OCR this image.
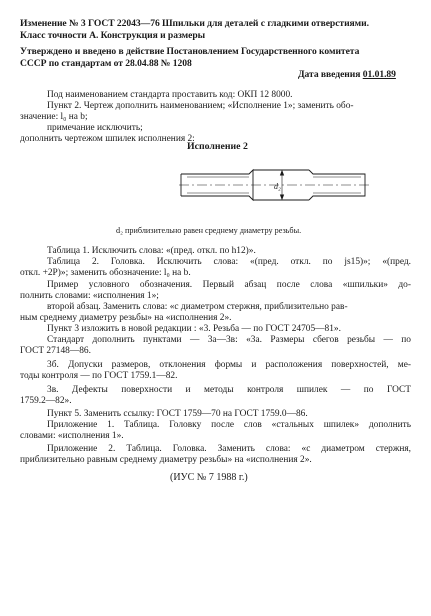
Изменение № 3 ГОСТ 22043—76 Шпильки для деталей с гладкими отверстиями.
Класс точности А. Конструкция и размеры
Утверждено и введено в действие Постановлением Государственного комитета
СССР по стандартам от 28.04.88 № 1208
Дата введения 01.01.89
Под наименованием стандарта проставить код: ОКП 12 8000.
Пункт 2. Чертеж дополнить наименованием; «Исполнение 1»; заменить обо-
значение: l₀ на b;
примечание исключить;
дополнить чертежом шпилек исполнения 2:
Исполнение 2
d₂
d₂ приблизительно равен среднему диаметру резьбы.
Таблица 1. Исключить слова: «(пред. откл. по h12)».
Таблица 2. Головка. Исключить слова: «(пред. откл. по js15)»; «(пред.
откл. +2P)»; заменить обозначение: l₀ на b.
Пример условного обозначения. Первый абзац после слова «шпильки» до-
полнить словами: «исполнения 1»;
второй абзац. Заменить слова: «с диаметром стержня, приблизительно рав-
ным среднему диаметру резьбы» на «исполнения 2».
Пункт 3 изложить в новой редакции : «3. Резьба — по ГОСТ 24705—81».
Стандарт дополнить пунктами — 3а—3в: «3а. Размеры сбегов резьбы — по
ГОСТ 27148—86.
3б. Допуски размеров, отклонения формы и расположения поверхностей, ме-
тоды контроля — по ГОСТ 1759.1—82.
3в. Дефекты поверхности и методы контроля шпилек — по ГОСТ
1759.2—82».
Пункт 5. Заменить ссылку: ГОСТ 1759—70 на ГОСТ 1759.0—86.
Приложение 1. Таблица. Головку после слов «стальных шпилек» дополнить
словами: «исполнения 1».
Приложение 2. Таблица. Головка. Заменить слова: «с диаметром стержня,
приблизительно равным среднему диаметру резьбы» на «исполнения 2».
(ИУС № 7 1988 г.)
